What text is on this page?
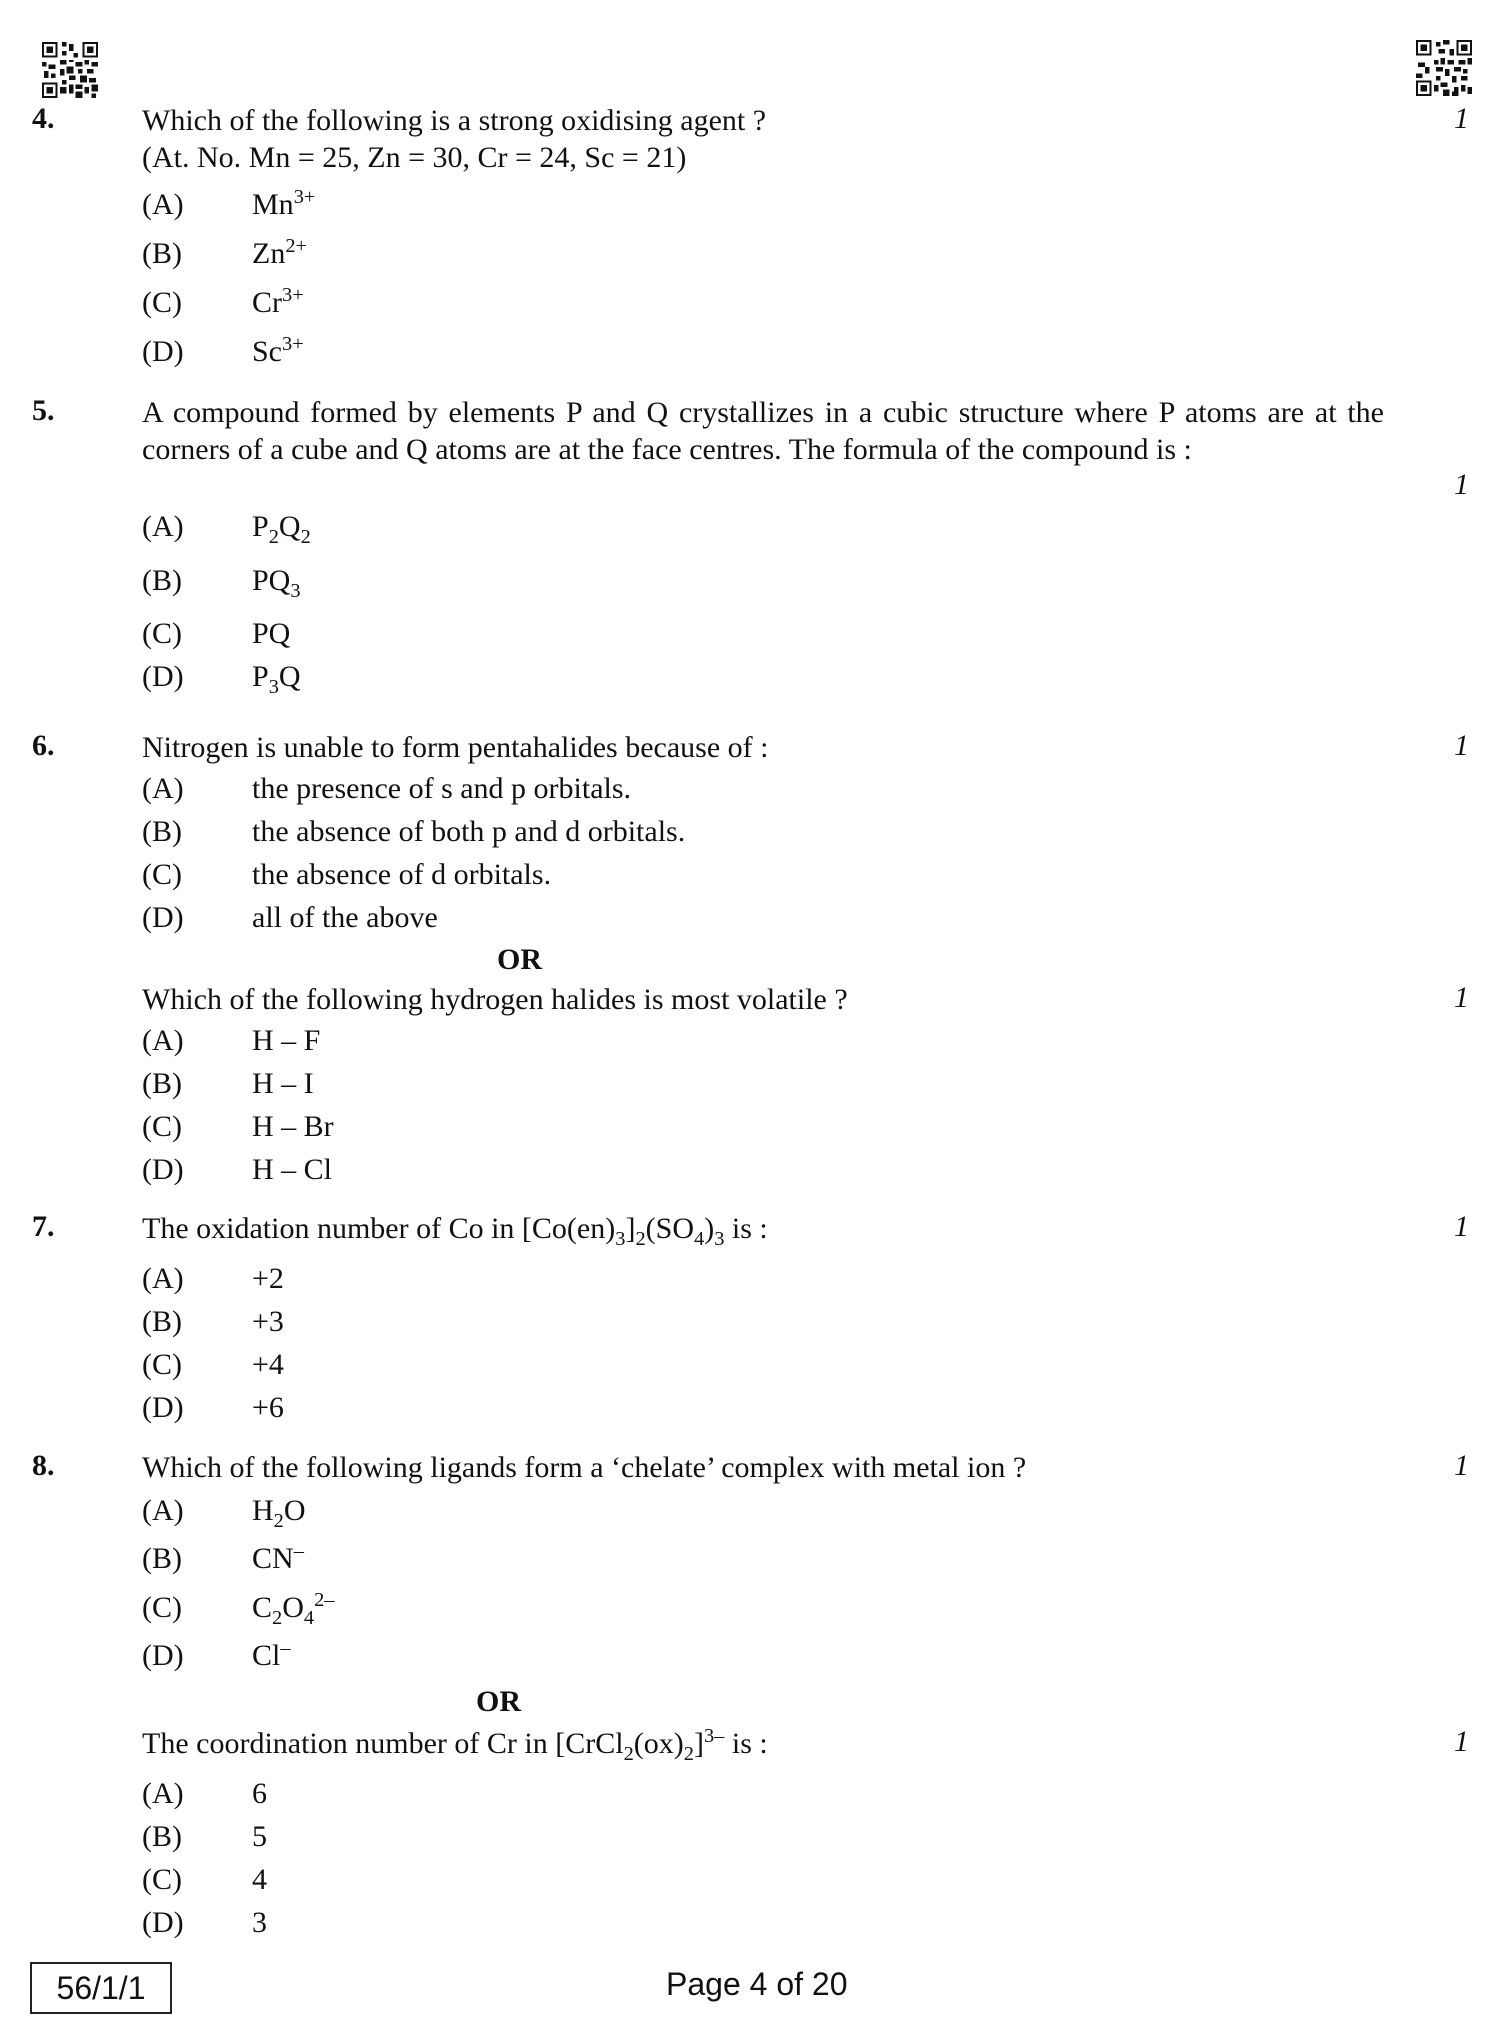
4.	Which of the following is a strong oxidising agent ?
(At. No. Mn = 25, Zn = 30, Cr = 24, Sc = 21)
1
(A) $Mn^{3+}$
(B) $Zn^{2+}$
(C) $Cr^{3+}$
(D) $Sc^{3+}$
5.	A compound formed by elements P and Q crystallizes in a cubic structure where P atoms are at the corners of a cube and Q atoms are at the face centres. The formula of the compound is :
1
(A) $P_2Q_2$
(B) $PQ_3$
(C) PQ
(D) $P_3Q$
6.	Nitrogen is unable to form pentahalides because of :	1
(A) the presence of s and p orbitals.
(B) the absence of both p and d orbitals.
(C) the absence of d orbitals.
(D) all of the above
OR
Which of the following hydrogen halides is most volatile ?	1
(A) H – F
(B) H – I
(C) H – Br
(D) H – Cl
7.	The oxidation number of Co in $[Co(en)_3]_2(SO_4)_3$ is :	1
(A) +2
(B) +3
(C) +4
(D) +6
8.	Which of the following ligands form a ‘chelate’ complex with metal ion ?	1
(A) $H_2O$
(B) CN–
(C) $C_2O_4^{2-}$
(D) Cl–
OR
The coordination number of Cr in $[CrCl_2(ox)_2]^{3-}$ is :	1
(A) 6
(B) 5
(C) 4
(D) 3
56/1/1	Page 4 of 20
